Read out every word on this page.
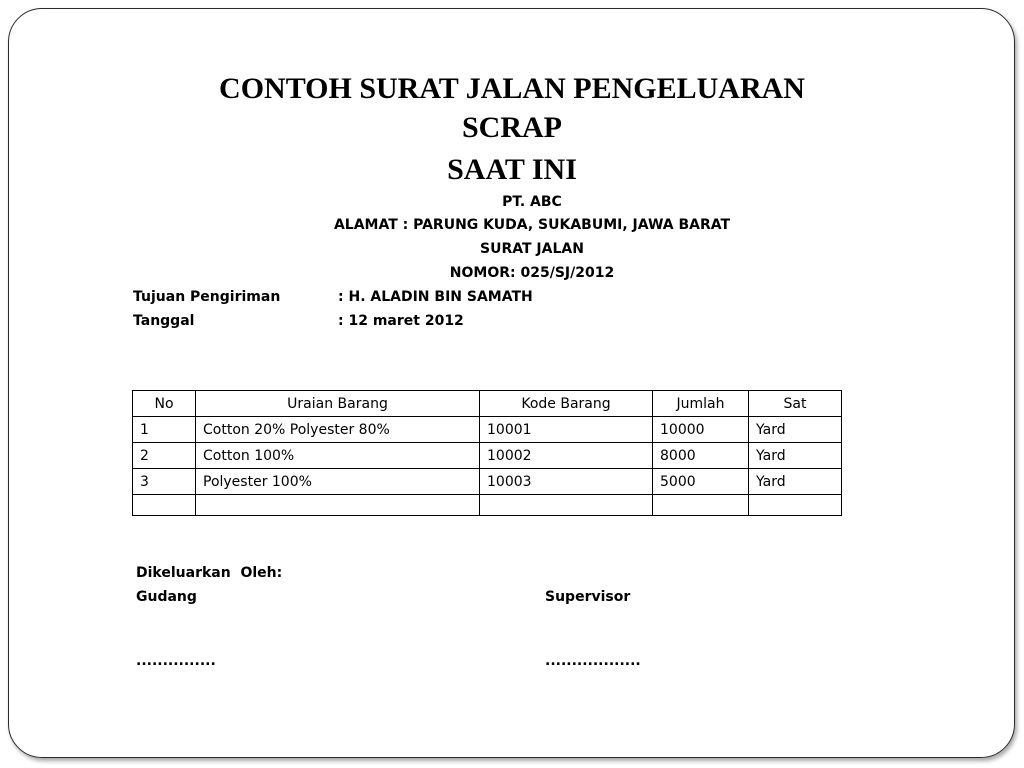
CONTOH SURAT JALAN PENGELUARAN
SCRAP
SAAT INI
PT. ABC
ALAMAT : PARUNG KUDA, SUKABUMI, JAWA BARAT
SURAT JALAN
NOMOR: 025/SJ/2012
Tujuan Pengiriman	: H. ALADIN BIN SAMATH
Tanggal	: 12 maret 2012
No	Uraian Barang	Kode Barang	Jumlah	Sat
1	Cotton 20% Polyester 80%	10001	10000	Yard
2	Cotton 100%	10002	8000	Yard
3	Polyester 100%	10003	5000	Yard

Dikeluarkan  Oleh:
Gudang	Supervisor
...............	..................
